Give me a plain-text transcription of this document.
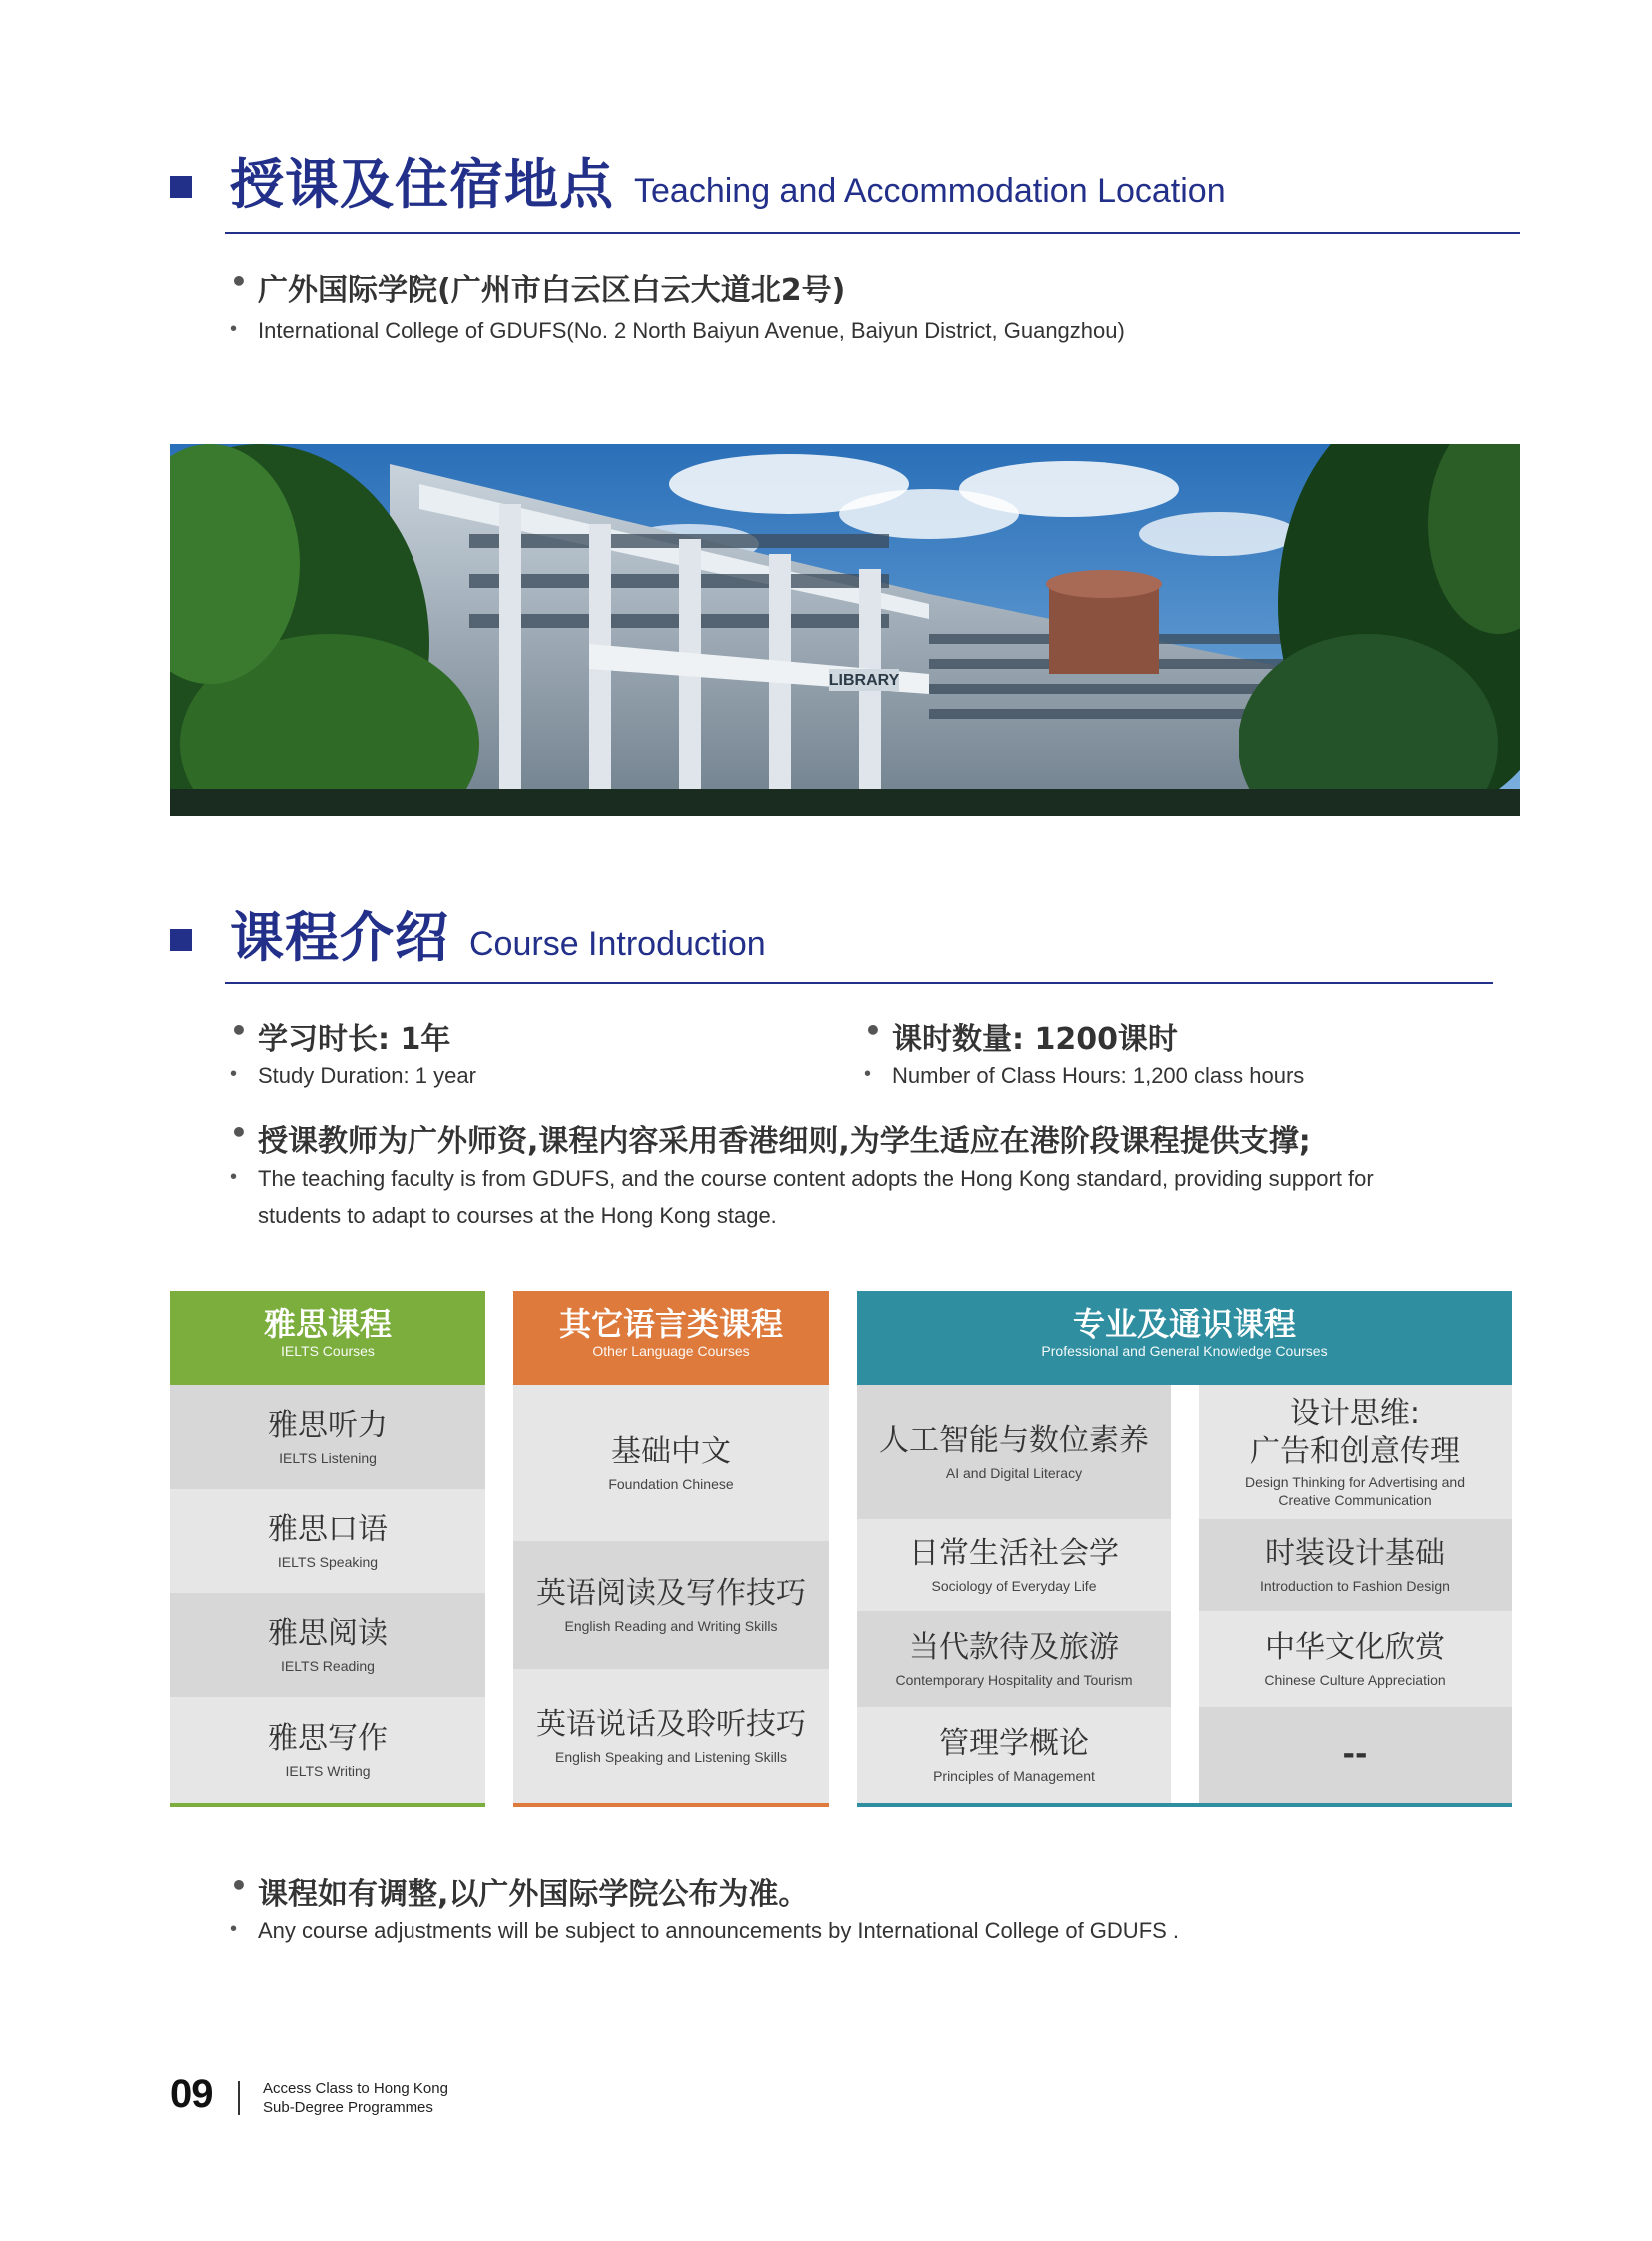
授课及住宿地点 Teaching and Accommodation Location
• 广外国际学院(广州市白云区白云大道北2号)
• International College of GDUFS(No. 2 North Baiyun Avenue, Baiyun District, Guangzhou)
LIBRARY
课程介绍 Course Introduction
• 学习时长: 1年
• Study Duration: 1 year
• 课时数量: 1200课时
• Number of Class Hours: 1,200 class hours
• 授课教师为广外师资,课程内容采用香港细则,为学生适应在港阶段课程提供支撑;
• The teaching faculty is from GDUFS, and the course content adopts the Hong Kong standard, providing support for
students to adapt to courses at the Hong Kong stage.
雅思课程
IELTS Courses
雅思听力
IELTS Listening
雅思口语
IELTS Speaking
雅思阅读
IELTS Reading
雅思写作
IELTS Writing
其它语言类课程
Other Language Courses
基础中文
Foundation Chinese
英语阅读及写作技巧
English Reading and Writing Skills
英语说话及聆听技巧
English Speaking and Listening Skills
专业及通识课程
Professional and General Knowledge Courses
人工智能与数位素养
AI and Digital Literacy
日常生活社会学
Sociology of Everyday Life
当代款待及旅游
Contemporary Hospitality and Tourism
管理学概论
Principles of Management
设计思维:
广告和创意传理
Design Thinking for Advertising and
Creative Communication
时装设计基础
Introduction to Fashion Design
中华文化欣赏
Chinese Culture Appreciation
--
• 课程如有调整,以广外国际学院公布为准。
• Any course adjustments will be subject to announcements by International College of GDUFS .
09	Access Class to Hong Kong
Sub-Degree Programmes
